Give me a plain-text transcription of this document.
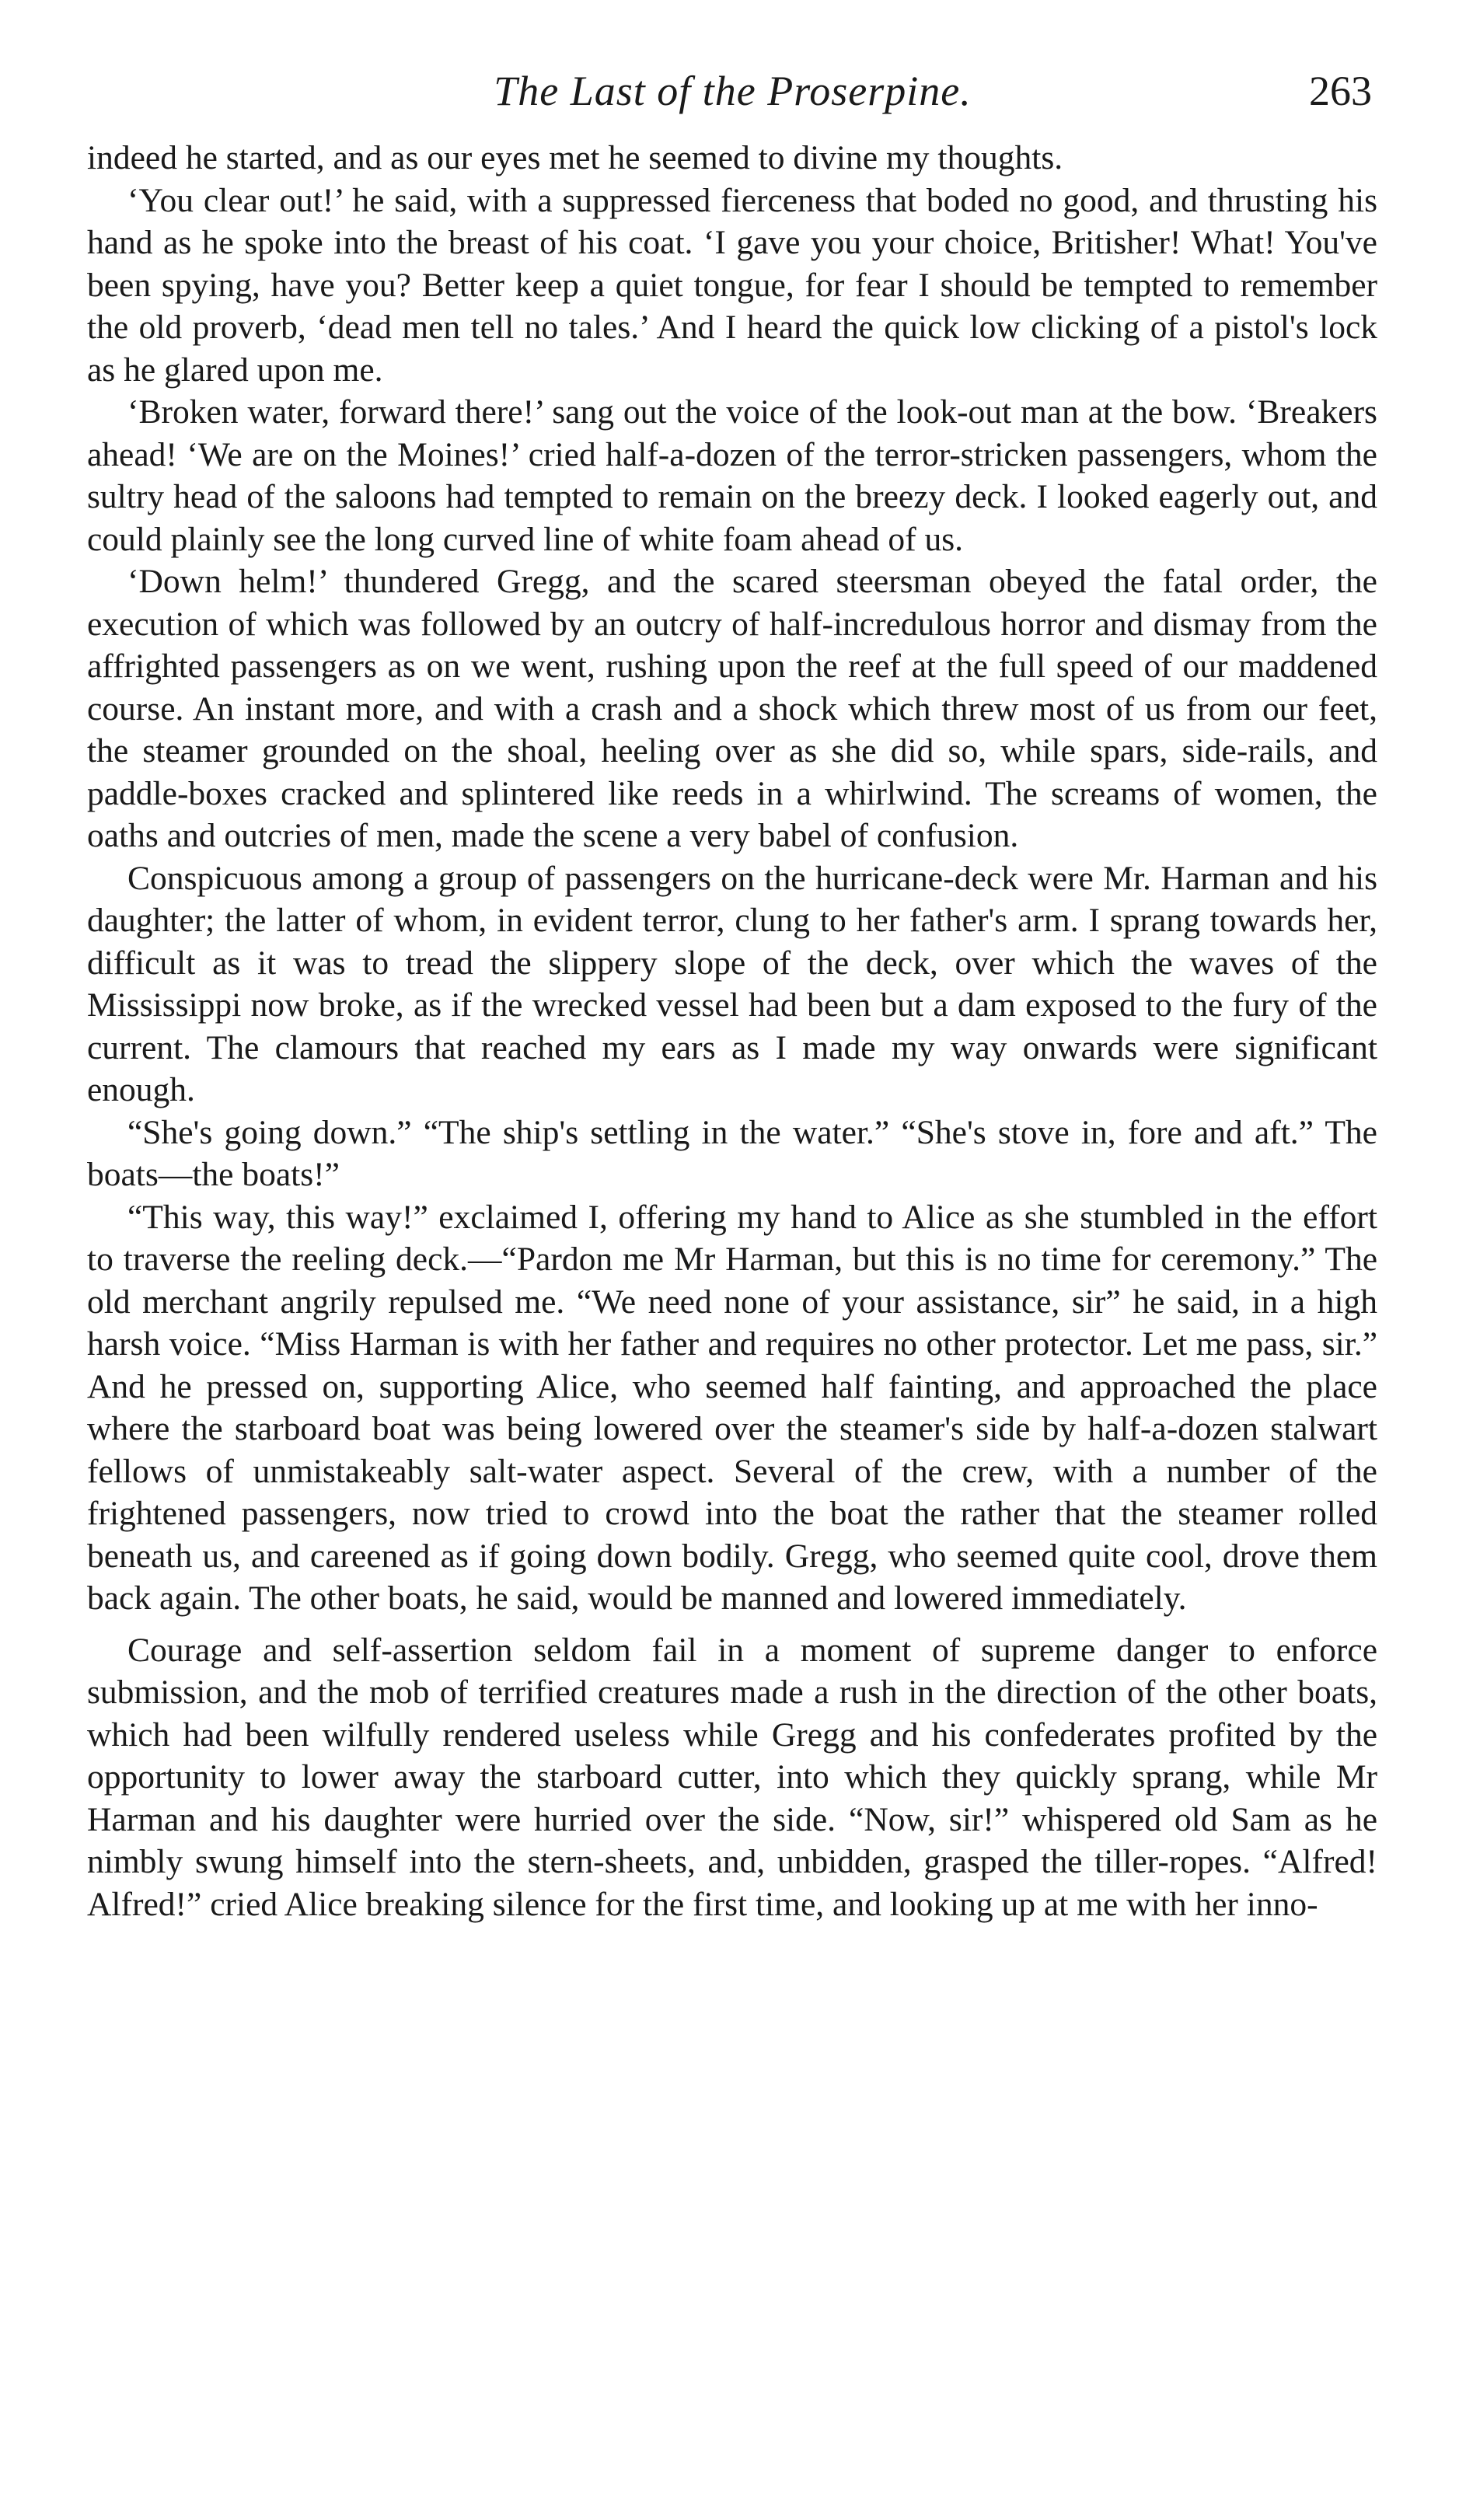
The Last of the Proserpine.	263

indeed he started, and as our eyes met he seemed to divine my thoughts.

‘You clear out!’ he said, with a suppressed fierceness that boded no good, and thrusting his hand as he spoke into the breast of his coat. ‘I gave you your choice, Britisher! What! You've been spying, have you? Better keep a quiet tongue, for fear I should be tempted to remember the old proverb, ‘dead men tell no tales.’ And I heard the quick low clicking of a pistol's lock as he glared upon me.

‘Broken water, forward there!’ sang out the voice of the look-out man at the bow. ‘Breakers ahead! ‘We are on the Moines!’ cried half-a-dozen of the terror-stricken passengers, whom the sultry head of the saloons had tempted to remain on the breezy deck. I looked eagerly out, and could plainly see the long curved line of white foam ahead of us.

‘Down helm!’ thundered Gregg, and the scared steersman obeyed the fatal order, the execution of which was followed by an outcry of half-incredulous horror and dismay from the affrighted passengers as on we went, rushing upon the reef at the full speed of our maddened course. An instant more, and with a crash and a shock which threw most of us from our feet, the steamer grounded on the shoal, heeling over as she did so, while spars, side-rails, and paddle-boxes cracked and splintered like reeds in a whirlwind. The screams of women, the oaths and outcries of men, made the scene a very babel of confusion.

Conspicuous among a group of passengers on the hurricane-deck were Mr. Harman and his daughter; the latter of whom, in evident terror, clung to her father's arm. I sprang towards her, difficult as it was to tread the slippery slope of the deck, over which the waves of the Mississippi now broke, as if the wrecked vessel had been but a dam exposed to the fury of the current. The clamours that reached my ears as I made my way onwards were significant enough.

“She's going down.” “The ship's settling in the water.” “She's stove in, fore and aft.” The boats—the boats!”

“This way, this way!” exclaimed I, offering my hand to Alice as she stumbled in the effort to traverse the reeling deck.—“Pardon me Mr Harman, but this is no time for ceremony.” The old merchant angrily repulsed me. “We need none of your assistance, sir” he said, in a high harsh voice. “Miss Harman is with her father and requires no other protector. Let me pass, sir.” And he pressed on, supporting Alice, who seemed half fainting, and approached the place where the starboard boat was being lowered over the steamer's side by half-a-dozen stalwart fellows of unmistakeably salt-water aspect. Several of the crew, with a number of the frightened passengers, now tried to crowd into the boat the rather that the steamer rolled beneath us, and careened as if going down bodily. Gregg, who seemed quite cool, drove them back again. The other boats, he said, would be manned and lowered immediately.

Courage and self-assertion seldom fail in a moment of supreme danger to enforce submission, and the mob of terrified creatures made a rush in the direction of the other boats, which had been wilfully rendered useless while Gregg and his confederates profited by the opportunity to lower away the starboard cutter, into which they quickly sprang, while Mr Harman and his daughter were hurried over the side. “Now, sir!” whispered old Sam as he nimbly swung himself into the stern-sheets, and, unbidden, grasped the tiller-ropes. “Alfred! Alfred!” cried Alice breaking silence for the first time, and looking up at me with her inno-
